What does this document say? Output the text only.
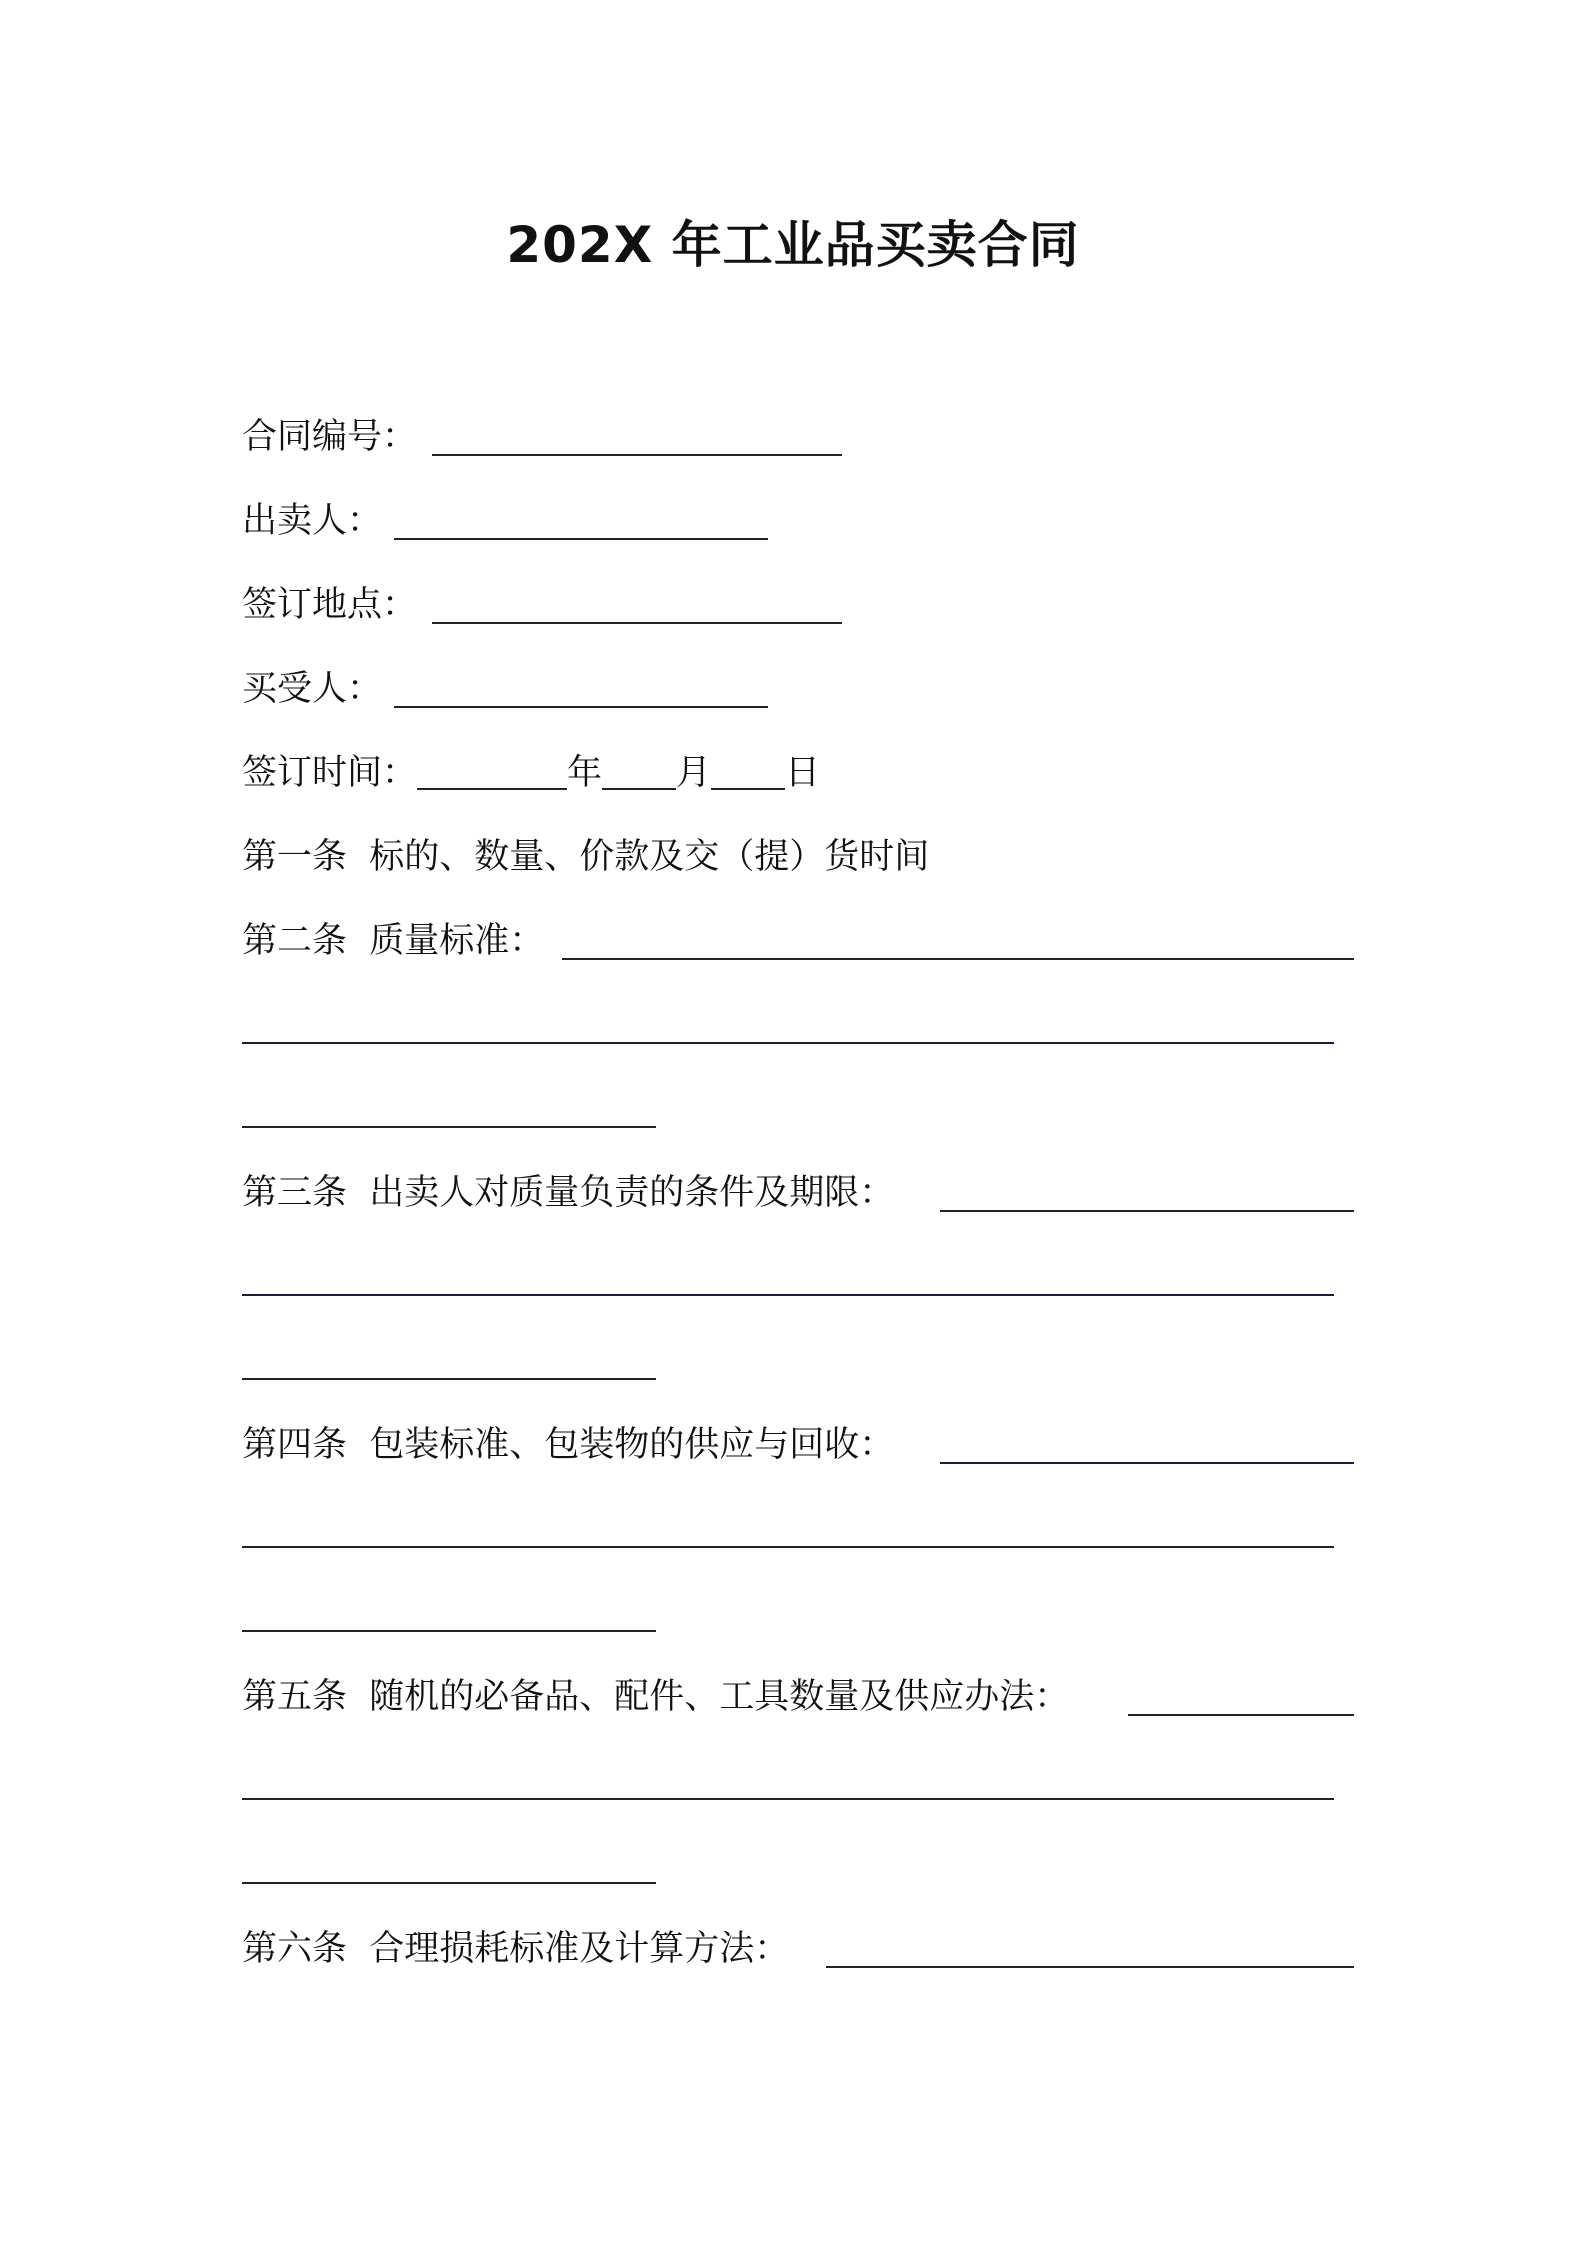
202X 年工业品买卖合同
合同编号：
出卖人：
签订地点：
买受人：
签订时间：	年 月 日
第一条 标的、数量、价款及交（提）货时间
第二条 质量标准：
第三条 出卖人对质量负责的条件及期限：
第四条 包装标准、包装物的供应与回收：
第五条 随机的必备品、配件、工具数量及供应办法：
第六条 合理损耗标准及计算方法：
